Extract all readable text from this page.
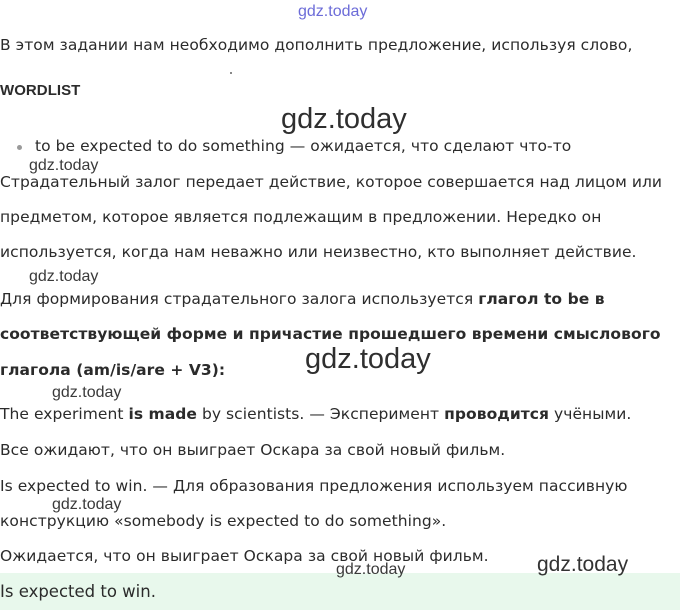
gdz.today
В этом задании нам необходимо дополнить предложение, используя слово,
WORDLIST
gdz.today
to be expected to do something — ожидается, что сделают что-то
gdz.today
Страдательный залог передает действие, которое совершается над лицом или
предметом, которое является подлежащим в предложении. Нередко он
используется, когда нам неважно или неизвестно, кто выполняет действие.
gdz.today
Для формирования страдательного залога используется глагол to be в
соответствующей форме и причастие прошедшего времени смыслового
глагола (am/is/are + V3):	gdz.today
gdz.today
The experiment is made by scientists. — Эксперимент проводится учёными.
Все ожидают, что он выиграет Оскара за свой новый фильм.
Is expected to win. — Для образования предложения используем пассивную
gdz.today
конструкцию «somebody is expected to do something».
Ожидается, что он выиграет Оскара за свой новый фильм.
Is expected to win.
gdz.today	gdz.today
